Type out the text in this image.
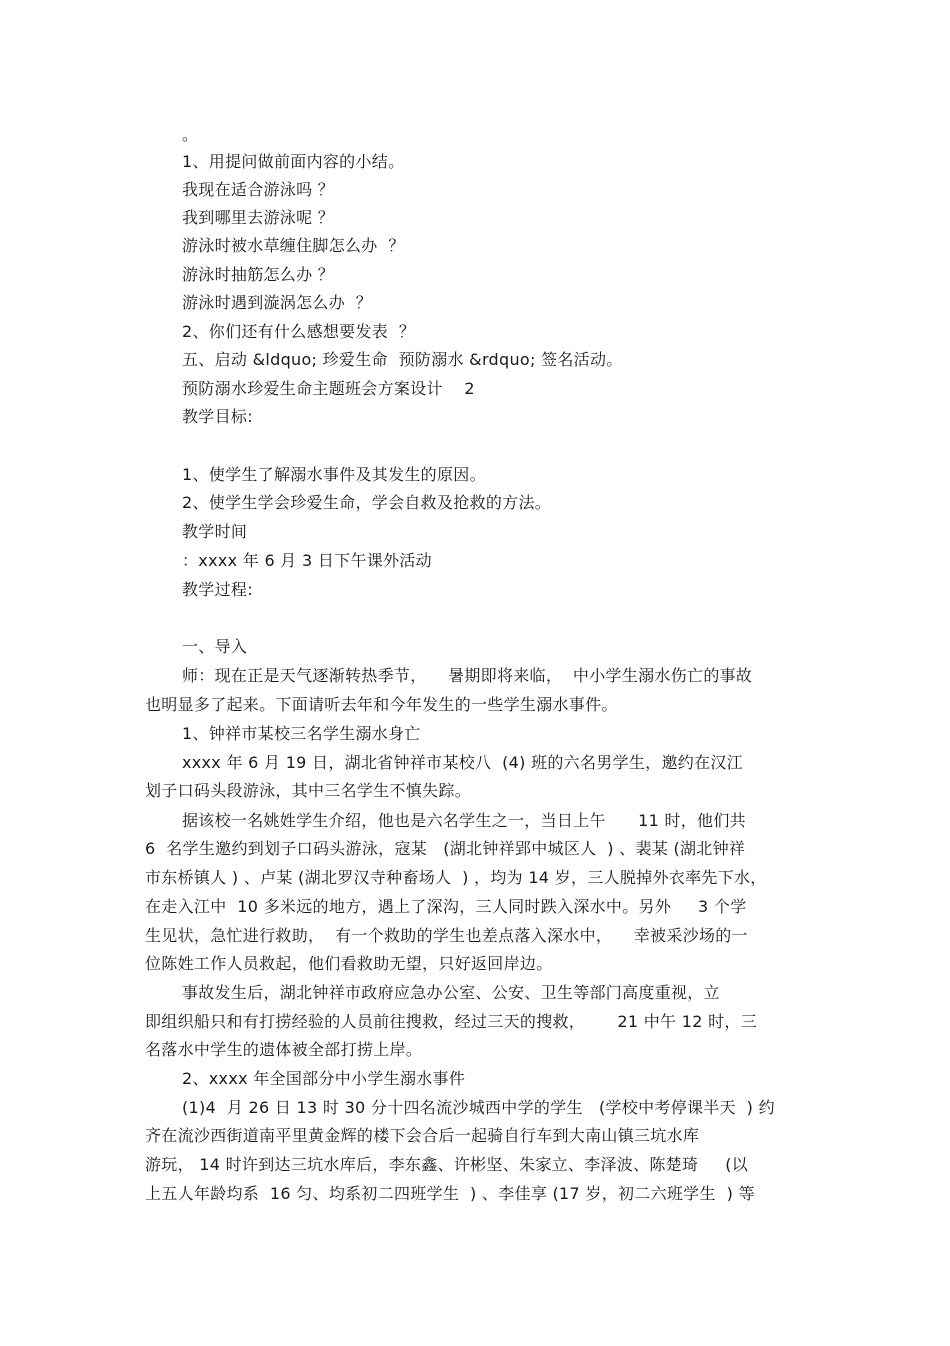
。

1、用提问做前面内容的小结。

我现在适合游泳吗 ？

我到哪里去游泳呢 ？

游泳时被水草缠住脚怎么办  ？

游泳时抽筋怎么办 ？

游泳时遇到漩涡怎么办  ？

2、你们还有什么感想要发表  ？

五、启动 &ldquo; 珍爱生命  预防溺水 &rdquo; 签名活动。

预防溺水珍爱生命主题班会方案设计    2

教学目标:

1、使学生了解溺水事件及其发生的原因。

2、使学生学会珍爱生命，学会自救及抢救的方法。

教学时间

：xxxx 年 6 月 3 日下午课外活动

教学过程:

一、导入

师：现在正是天气逐渐转热季节，    暑期即将来临，  中小学生溺水伤亡的事故

也明显多了起来。下面请听去年和今年发生的一些学生溺水事件。

1、钟祥市某校三名学生溺水身亡

xxxx 年 6 月 19 日，湖北省钟祥市某校八  (4) 班的六名男学生，邀约在汉江

划子口码头段游泳，其中三名学生不慎失踪。

据该校一名姚姓学生介绍，他也是六名学生之一，当日上午      11 时，他们共

6  名学生邀约到划子口码头游泳，寇某   (湖北钟祥郢中城区人  ) 、裴某 (湖北钟祥

市东桥镇人 ) 、卢某 (湖北罗汉寺种畜场人  ) ，均为 14 岁，三人脱掉外衣率先下水，

在走入江中  10 多米远的地方，遇上了深沟，三人同时跌入深水中。另外     3 个学

生见状，急忙进行救助，  有一个救助的学生也差点落入深水中，    幸被采沙场的一

位陈姓工作人员救起，他们看救助无望，只好返回岸边。

事故发生后，湖北钟祥市政府应急办公室、公安、卫生等部门高度重视，立

即组织船只和有打捞经验的人员前往搜救，经过三天的搜救，      21 中午 12 时，三

名落水中学生的遗体被全部打捞上岸。

2、xxxx 年全国部分中小学生溺水事件

(1)4  月 26 日 13 时 30 分十四名流沙城西中学的学生   (学校中考停课半天  ) 约

齐在流沙西街道南平里黄金辉的楼下会合后一起骑自行车到大南山镇三坑水库

游玩， 14 时许到达三坑水库后，李东鑫、许彬坚、朱家立、李泽波、陈楚琦     (以

上五人年龄均系  16 匀、均系初二四班学生  ) 、李佳享 (17 岁，初二六班学生  ) 等
